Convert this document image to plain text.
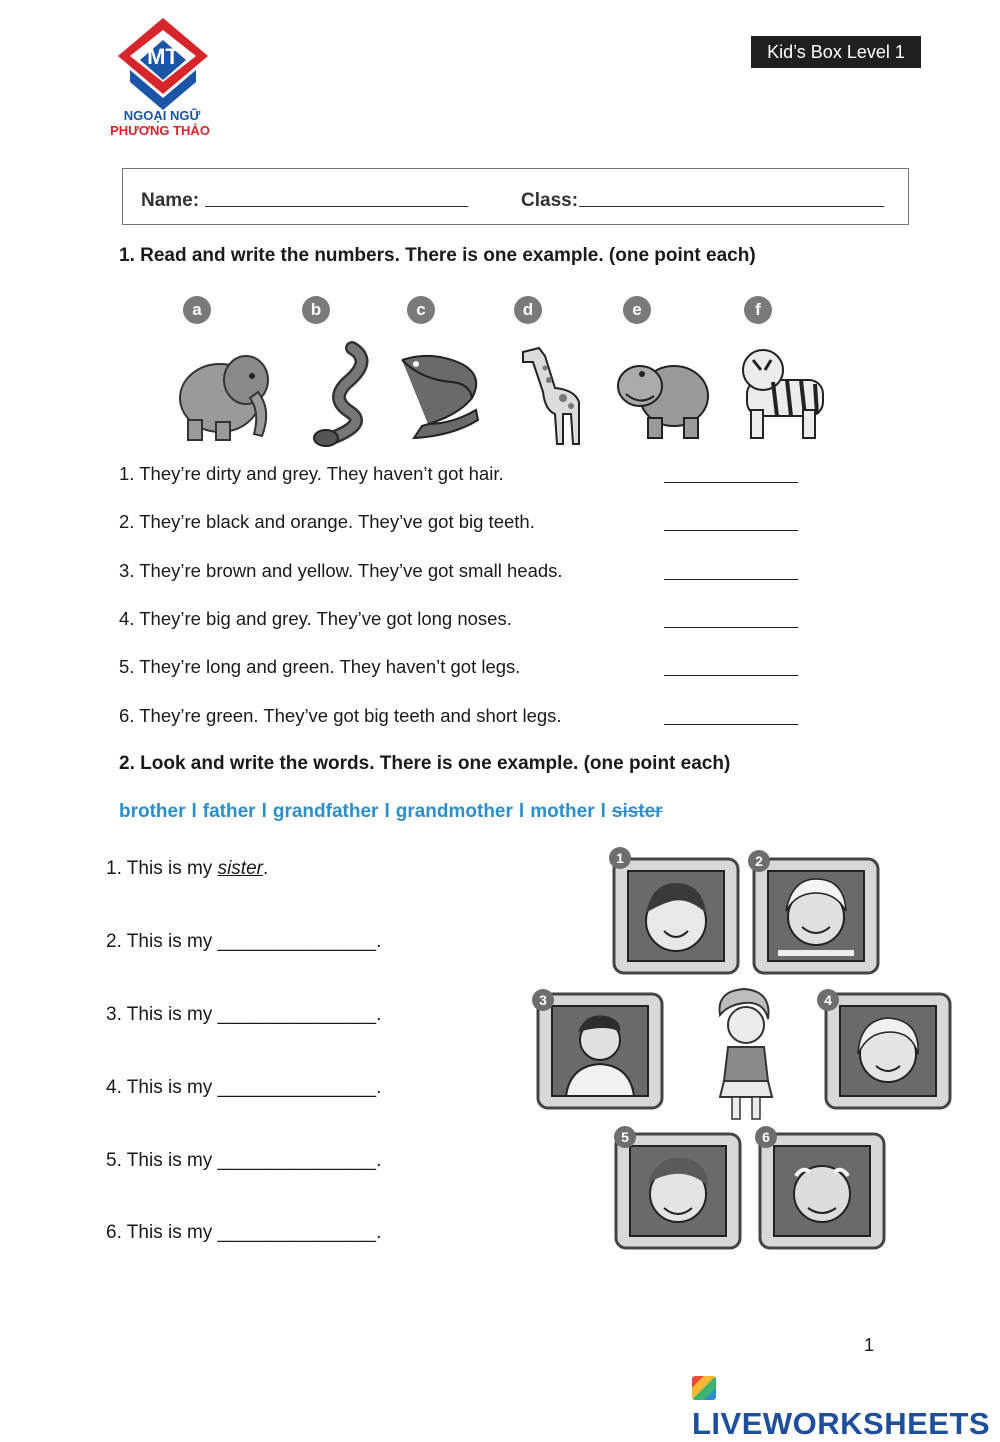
MT
NGOẠI NGỮ
PHƯƠNG THẢO
Kid’s Box Level 1
Name:	Class:
1. Read and write the numbers. There is one example. (one point each)
a	b	c	d	e	f
1. They’re dirty and grey. They haven’t got hair.
2. They’re black and orange. They’ve got big teeth.
3. They’re brown and yellow. They’ve got small heads.
4. They’re big and grey. They’ve got long noses.
5. They’re long and green. They haven’t got legs.
6. They’re green. They’ve got big teeth and short legs.
2. Look and write the words. There is one example. (one point each)
brother l father l grandfather l grandmother l mother l sister
1. This is my sister.
2. This is my _______________.
3. This is my _______________.
4. This is my _______________.
5. This is my _______________.
6. This is my _______________.
1	2
3	4
5	6
1
LIVEWORKSHEETS
